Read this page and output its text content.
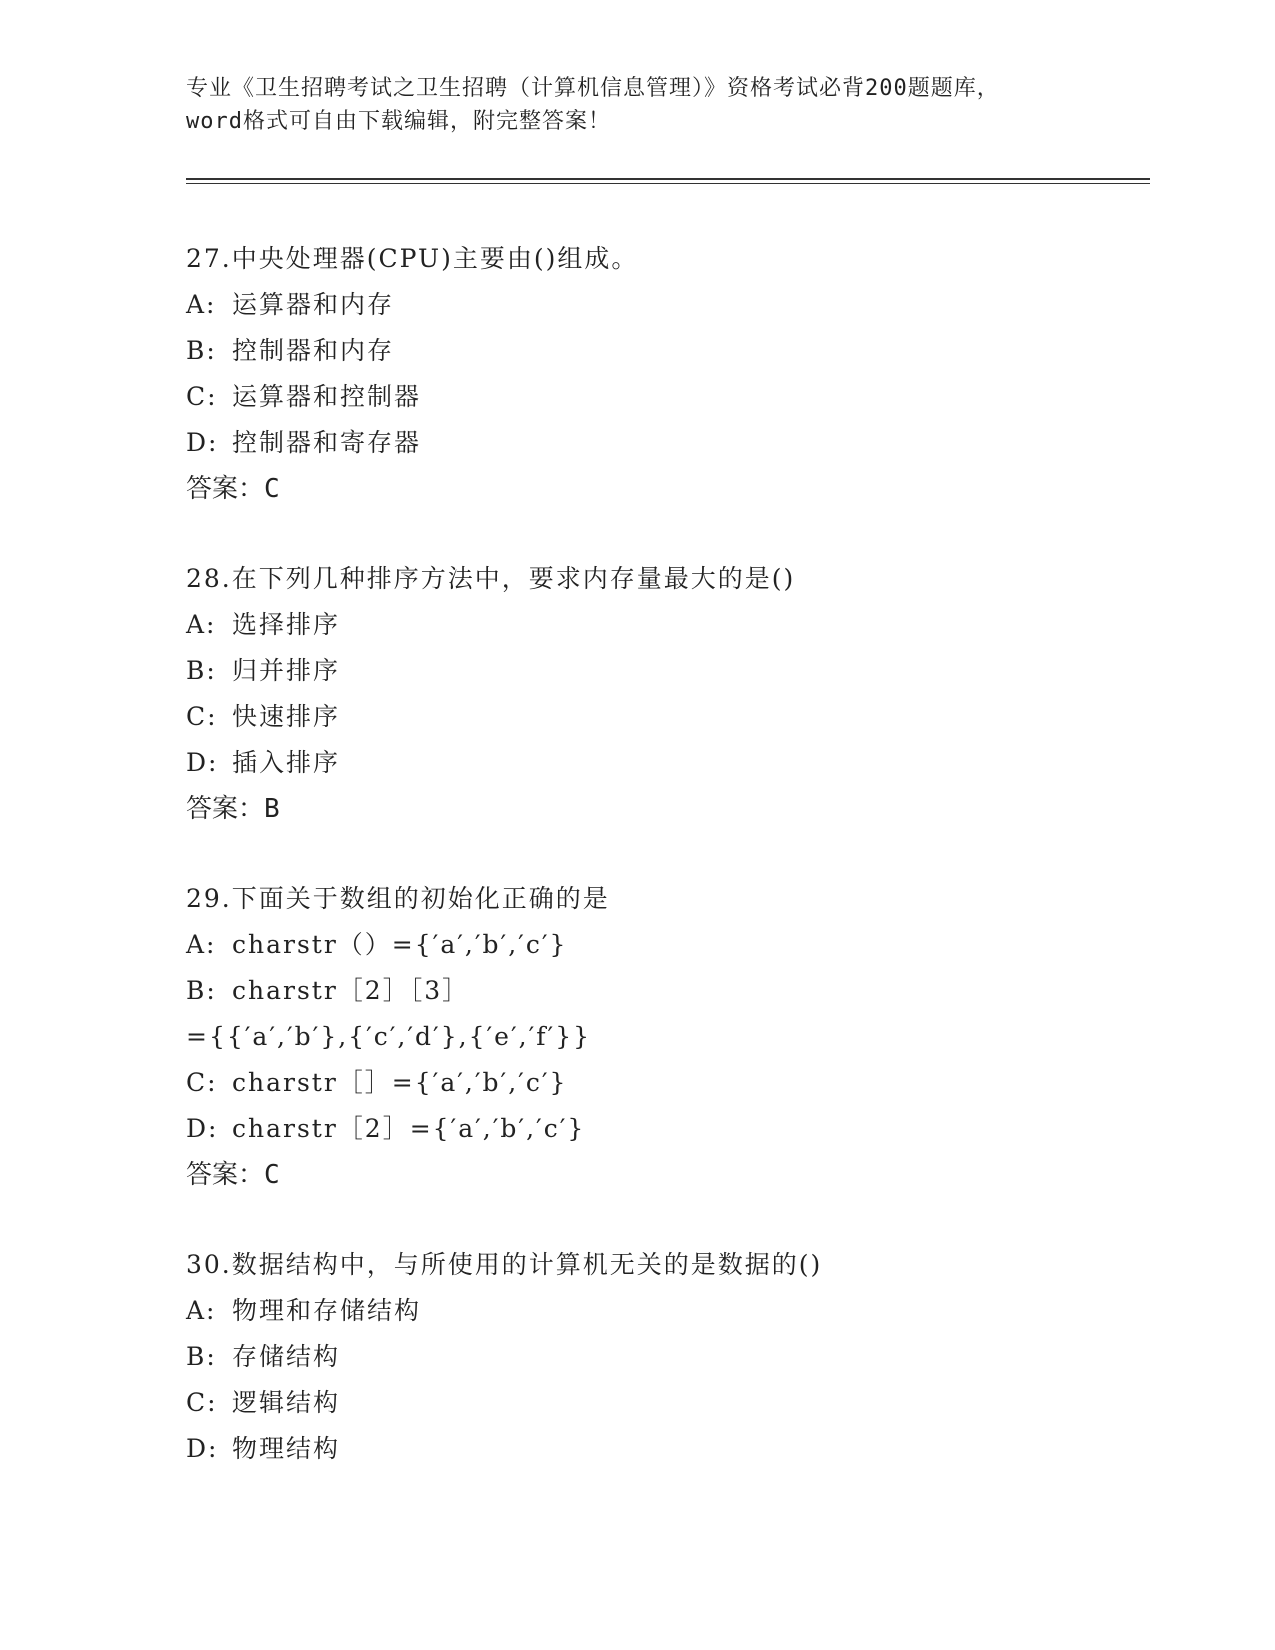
专业《卫生招聘考试之卫生招聘（计算机信息管理）》资格考试必背200题题库，
word格式可自由下载编辑，附完整答案！
27.中央处理器(CPU)主要由()组成。
A: 运算器和内存
B: 控制器和内存
C: 运算器和控制器
D: 控制器和寄存器
答案：C
28.在下列几种排序方法中，要求内存量最大的是()
A: 选择排序
B: 归并排序
C: 快速排序
D: 插入排序
答案：B
29.下面关于数组的初始化正确的是
A: charstr（）={′a′,′b′,′c′}
B: charstr［2］［3］
={{′a′,′b′},{′c′,′d′},{′e′,′f′}}
C: charstr［］={′a′,′b′,′c′}
D: charstr［2］={′a′,′b′,′c′}
答案：C
30.数据结构中，与所使用的计算机无关的是数据的()
A: 物理和存储结构
B: 存储结构
C: 逻辑结构
D: 物理结构
